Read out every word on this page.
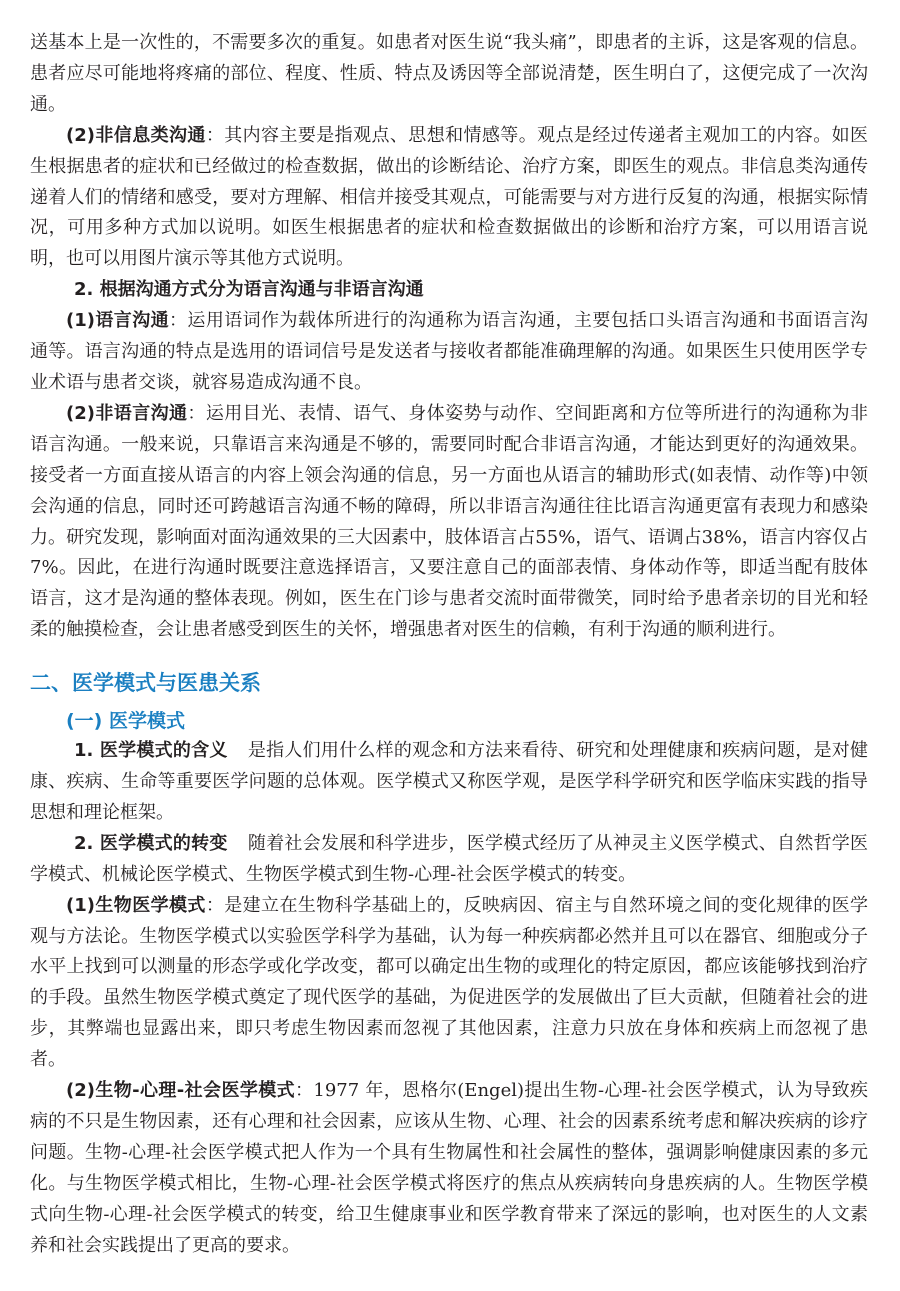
送基本上是一次性的，不需要多次的重复。如患者对医生说“我头痛”，即患者的主诉，这是客观的信息。患者应尽可能地将疼痛的部位、程度、性质、特点及诱因等全部说清楚，医生明白了，这便完成了一次沟通。

(2)非信息类沟通：其内容主要是指观点、思想和情感等。观点是经过传递者主观加工的内容。如医生根据患者的症状和已经做过的检查数据，做出的诊断结论、治疗方案，即医生的观点。非信息类沟通传递着人们的情绪和感受，要对方理解、相信并接受其观点，可能需要与对方进行反复的沟通，根据实际情况，可用多种方式加以说明。如医生根据患者的症状和检查数据做出的诊断和治疗方案，可以用语言说明，也可以用图片演示等其他方式说明。

2. 根据沟通方式分为语言沟通与非语言沟通

(1)语言沟通：运用语词作为载体所进行的沟通称为语言沟通，主要包括口头语言沟通和书面语言沟通等。语言沟通的特点是选用的语词信号是发送者与接收者都能准确理解的沟通。如果医生只使用医学专业术语与患者交谈，就容易造成沟通不良。

(2)非语言沟通：运用目光、表情、语气、身体姿势与动作、空间距离和方位等所进行的沟通称为非语言沟通。一般来说，只靠语言来沟通是不够的，需要同时配合非语言沟通，才能达到更好的沟通效果。接受者一方面直接从语言的内容上领会沟通的信息，另一方面也从语言的辅助形式(如表情、动作等)中领会沟通的信息，同时还可跨越语言沟通不畅的障碍，所以非语言沟通往往比语言沟通更富有表现力和感染力。研究发现，影响面对面沟通效果的三大因素中，肢体语言占55%，语气、语调占38%，语言内容仅占7%。因此，在进行沟通时既要注意选择语言，又要注意自己的面部表情、身体动作等，即适当配有肢体语言，这才是沟通的整体表现。例如，医生在门诊与患者交流时面带微笑，同时给予患者亲切的目光和轻柔的触摸检查，会让患者感受到医生的关怀，增强患者对医生的信赖，有利于沟通的顺利进行。

二、医学模式与医患关系
(一) 医学模式

1. 医学模式的含义 是指人们用什么样的观念和方法来看待、研究和处理健康和疾病问题，是对健康、疾病、生命等重要医学问题的总体观。医学模式又称医学观，是医学科学研究和医学临床实践的指导思想和理论框架。

2. 医学模式的转变 随着社会发展和科学进步，医学模式经历了从神灵主义医学模式、自然哲学医学模式、机械论医学模式、生物医学模式到生物-心理-社会医学模式的转变。

(1)生物医学模式：是建立在生物科学基础上的，反映病因、宿主与自然环境之间的变化规律的医学观与方法论。生物医学模式以实验医学科学为基础，认为每一种疾病都必然并且可以在器官、细胞或分子水平上找到可以测量的形态学或化学改变，都可以确定出生物的或理化的特定原因，都应该能够找到治疗的手段。虽然生物医学模式奠定了现代医学的基础，为促进医学的发展做出了巨大贡献，但随着社会的进步，其弊端也显露出来，即只考虑生物因素而忽视了其他因素，注意力只放在身体和疾病上而忽视了患者。

(2)生物-心理-社会医学模式：1977 年，恩格尔(Engel)提出生物-心理-社会医学模式，认为导致疾病的不只是生物因素，还有心理和社会因素，应该从生物、心理、社会的因素系统考虑和解决疾病的诊疗问题。生物-心理-社会医学模式把人作为一个具有生物属性和社会属性的整体，强调影响健康因素的多元化。与生物医学模式相比，生物-心理-社会医学模式将医疗的焦点从疾病转向身患疾病的人。生物医学模式向生物-心理-社会医学模式的转变，给卫生健康事业和医学教育带来了深远的影响，也对医生的人文素养和社会实践提出了更高的要求。
